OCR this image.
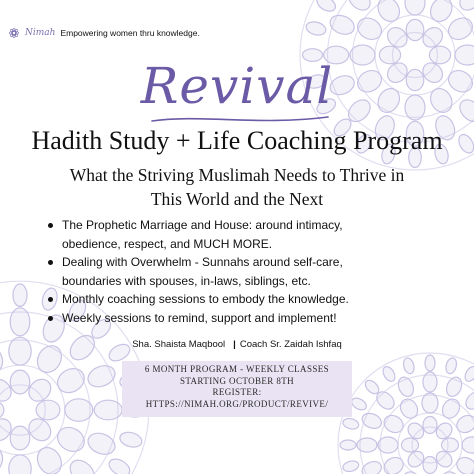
Nimah Empowering women thru knowledge.
Revival
Hadith Study + Life Coaching Program
What the Striving Muslimah Needs to Thrive in
This World and the Next
The Prophetic Marriage and House: around intimacy,
obedience, respect, and MUCH MORE.
Dealing with Overwhelm - Sunnahs around self-care,
boundaries with spouses, in-laws, siblings, etc.
Monthly coaching sessions to embody the knowledge.
Weekly sessions to remind, support and implement!
Sha. Shaista Maqbool | Coach Sr. Zaidah Ishfaq
6 MONTH PROGRAM - WEEKLY CLASSES
STARTING OCTOBER 8TH
REGISTER:
HTTPS://NIMAH.ORG/PRODUCT/REVIVE/
